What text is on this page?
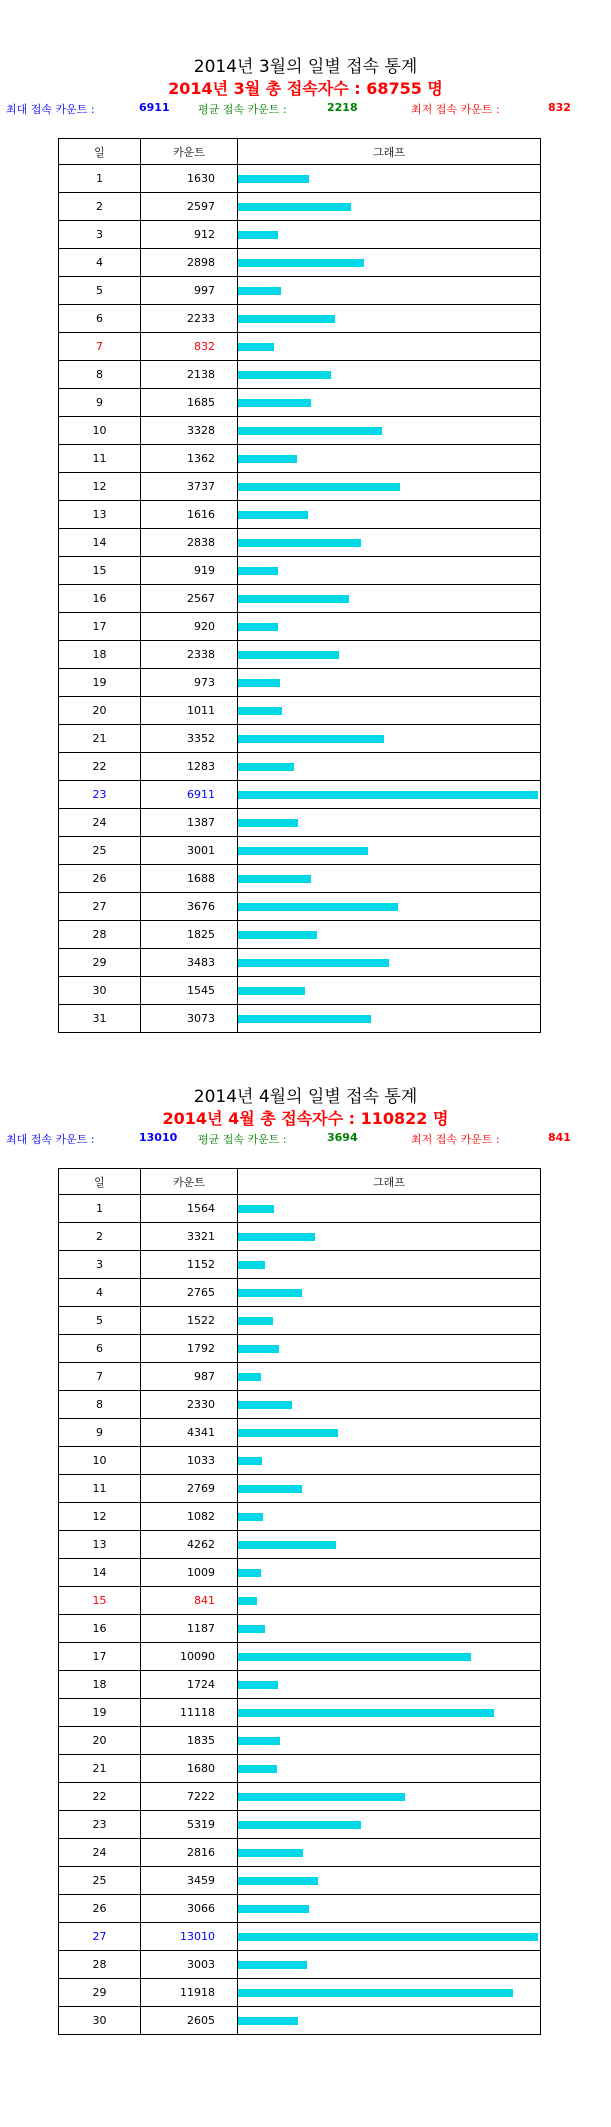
2014년 3월의 일별 접속 통계
2014년 3월 총 접속자수 : 68755 명
최대 접속 카운트 :	6911	평균 접속 카운트 :	2218	최저 접속 카운트 :	832
일	카운트	그래프
1	1630	

2	2597	

3	912	

4	2898	

5	997	

6	2233	

7	832	

8	2138	

9	1685	

10	3328	

11	1362	

12	3737	

13	1616	

14	2838	

15	919	

16	2567	

17	920	

18	2338	

19	973	

20	1011	

21	3352	

22	1283	

23	6911	

24	1387	

25	3001	

26	1688	

27	3676	

28	1825	

29	3483	

30	1545	

31	3073	
2014년 4월의 일별 접속 통계
2014년 4월 총 접속자수 : 110822 명
최대 접속 카운트 :	13010 평균 접속 카운트 :	3694	최저 접속 카운트 :	841
일	카운트	그래프
1	1564	

2	3321	

3	1152	

4	2765	

5	1522	

6	1792	

7	987	

8	2330	

9	4341	

10	1033	

11	2769	

12	1082	

13	4262	

14	1009	

15	841	

16	1187	

17	10090	

18	1724	

19	11118	

20	1835	

21	1680	

22	7222	

23	5319	

24	2816	

25	3459	

26	3066	

27	13010	

28	3003	

29	11918	

30	2605	
